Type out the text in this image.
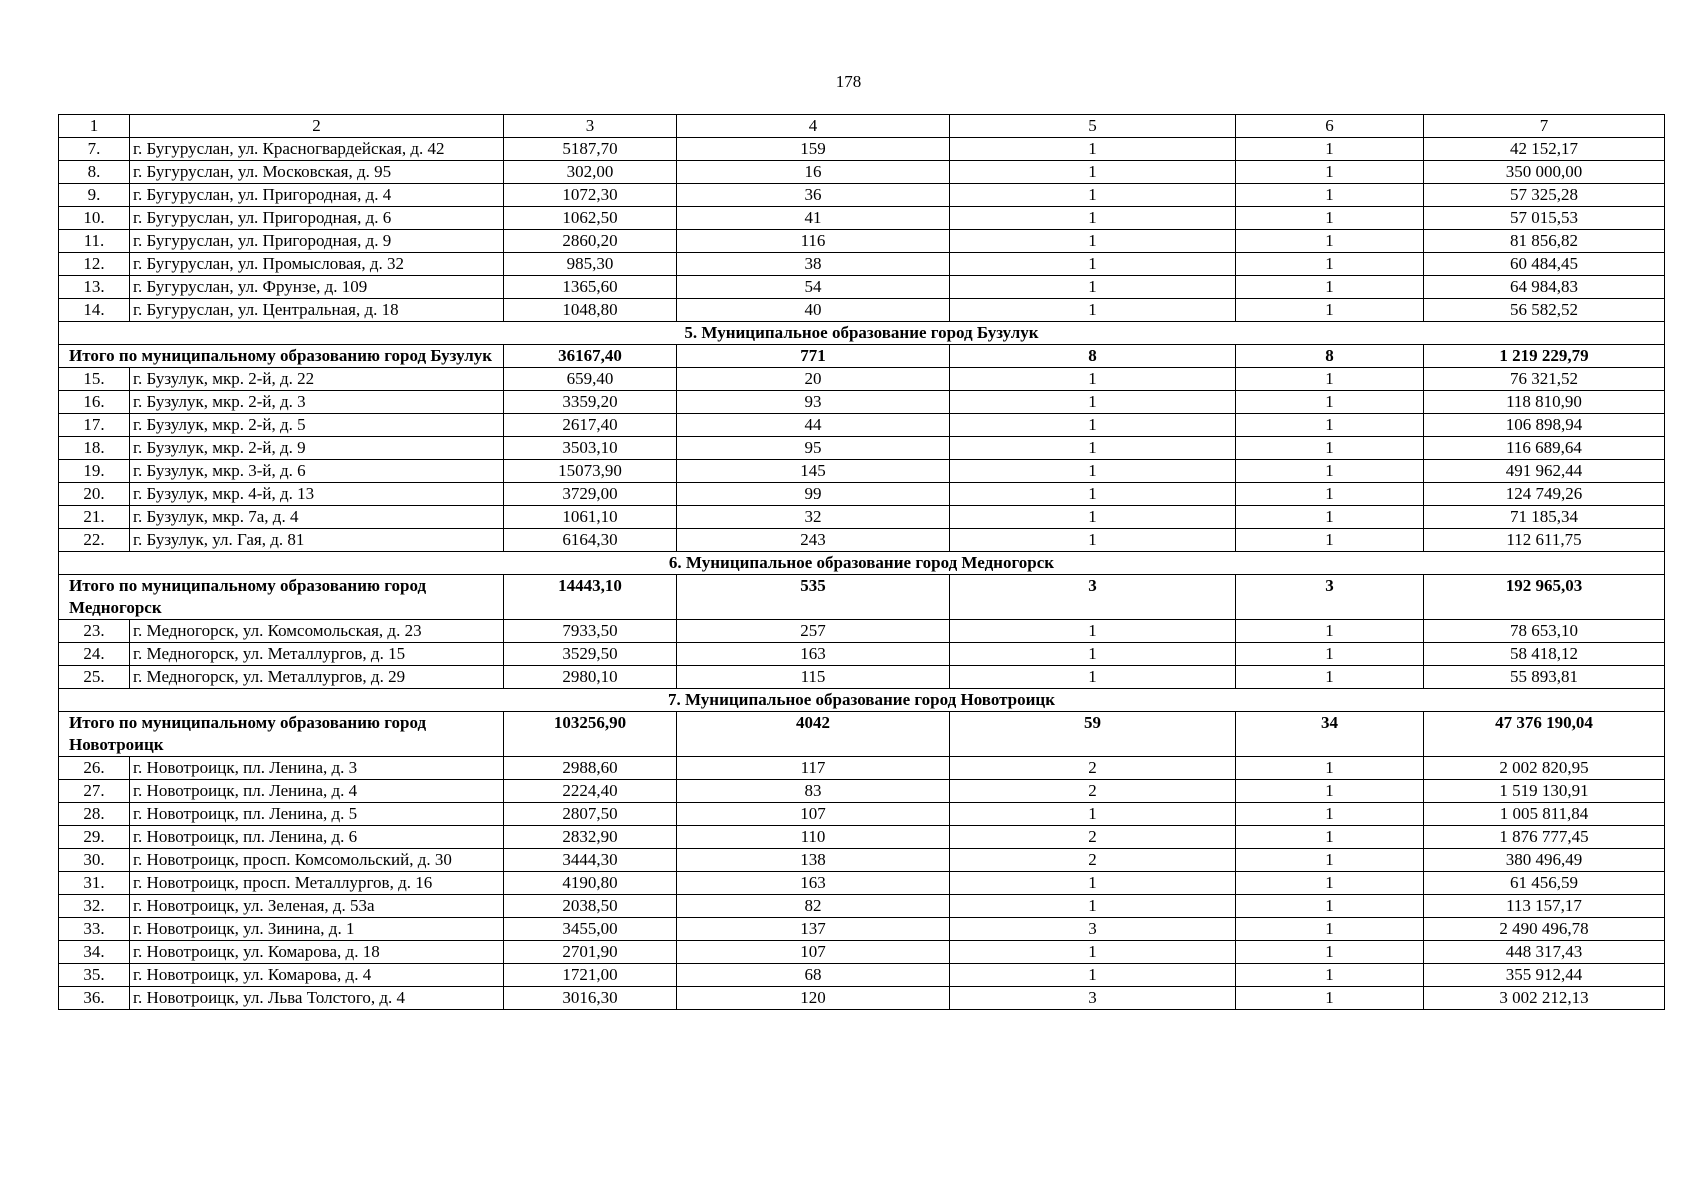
178
1	2	3	4	5	6	7
7.	г. Бугуруслан, ул. Красногвардейская, д. 42	5187,70	159	1	1	42 152,17
8.	г. Бугуруслан, ул. Московская, д. 95	302,00	16	1	1	350 000,00
9.	г. Бугуруслан, ул. Пригородная, д. 4	1072,30	36	1	1	57 325,28
10.	г. Бугуруслан, ул. Пригородная, д. 6	1062,50	41	1	1	57 015,53
11.	г. Бугуруслан, ул. Пригородная, д. 9	2860,20	116	1	1	81 856,82
12.	г. Бугуруслан, ул. Промысловая, д. 32	985,30	38	1	1	60 484,45
13.	г. Бугуруслан, ул. Фрунзе, д. 109	1365,60	54	1	1	64 984,83
14.	г. Бугуруслан, ул. Центральная, д. 18	1048,80	40	1	1	56 582,52
5. Муниципальное образование город Бузулук						
Итого по муниципальному образованию город Бузулук		36167,40	771	8	8	1 219 229,79
15.	г. Бузулук, мкр. 2-й, д. 22	659,40	20	1	1	76 321,52
16.	г. Бузулук, мкр. 2-й, д. 3	3359,20	93	1	1	118 810,90
17.	г. Бузулук, мкр. 2-й, д. 5	2617,40	44	1	1	106 898,94
18.	г. Бузулук, мкр. 2-й, д. 9	3503,10	95	1	1	116 689,64
19.	г. Бузулук, мкр. 3-й, д. 6	15073,90	145	1	1	491 962,44
20.	г. Бузулук, мкр. 4-й, д. 13	3729,00	99	1	1	124 749,26
21.	г. Бузулук, мкр. 7а, д. 4	1061,10	32	1	1	71 185,34
22.	г. Бузулук, ул. Гая, д. 81	6164,30	243	1	1	112 611,75
6. Муниципальное образование город Медногорск						
Итого по муниципальному образованию город Медногорск		14443,10	535	3	3	192 965,03
23.	г. Медногорск, ул. Комсомольская, д. 23	7933,50	257	1	1	78 653,10
24.	г. Медногорск, ул. Металлургов, д. 15	3529,50	163	1	1	58 418,12
25.	г. Медногорск, ул. Металлургов, д. 29	2980,10	115	1	1	55 893,81
7. Муниципальное образование город Новотроицк						
Итого по муниципальному образованию город Новотроицк		103256,90	4042	59	34	47 376 190,04
26.	г. Новотроицк, пл. Ленина, д. 3	2988,60	117	2	1	2 002 820,95
27.	г. Новотроицк, пл. Ленина, д. 4	2224,40	83	2	1	1 519 130,91
28.	г. Новотроицк, пл. Ленина, д. 5	2807,50	107	1	1	1 005 811,84
29.	г. Новотроицк, пл. Ленина, д. 6	2832,90	110	2	1	1 876 777,45
30.	г. Новотроицк, просп. Комсомольский, д. 30	3444,30	138	2	1	380 496,49
31.	г. Новотроицк, просп. Металлургов, д. 16	4190,80	163	1	1	61 456,59
32.	г. Новотроицк, ул. Зеленая, д. 53а	2038,50	82	1	1	113 157,17
33.	г. Новотроицк, ул. Зинина, д. 1	3455,00	137	3	1	2 490 496,78
34.	г. Новотроицк, ул. Комарова, д. 18	2701,90	107	1	1	448 317,43
35.	г. Новотроицк, ул. Комарова, д. 4	1721,00	68	1	1	355 912,44
36.	г. Новотроицк, ул. Льва Толстого, д. 4	3016,30	120	3	1	3 002 212,13
